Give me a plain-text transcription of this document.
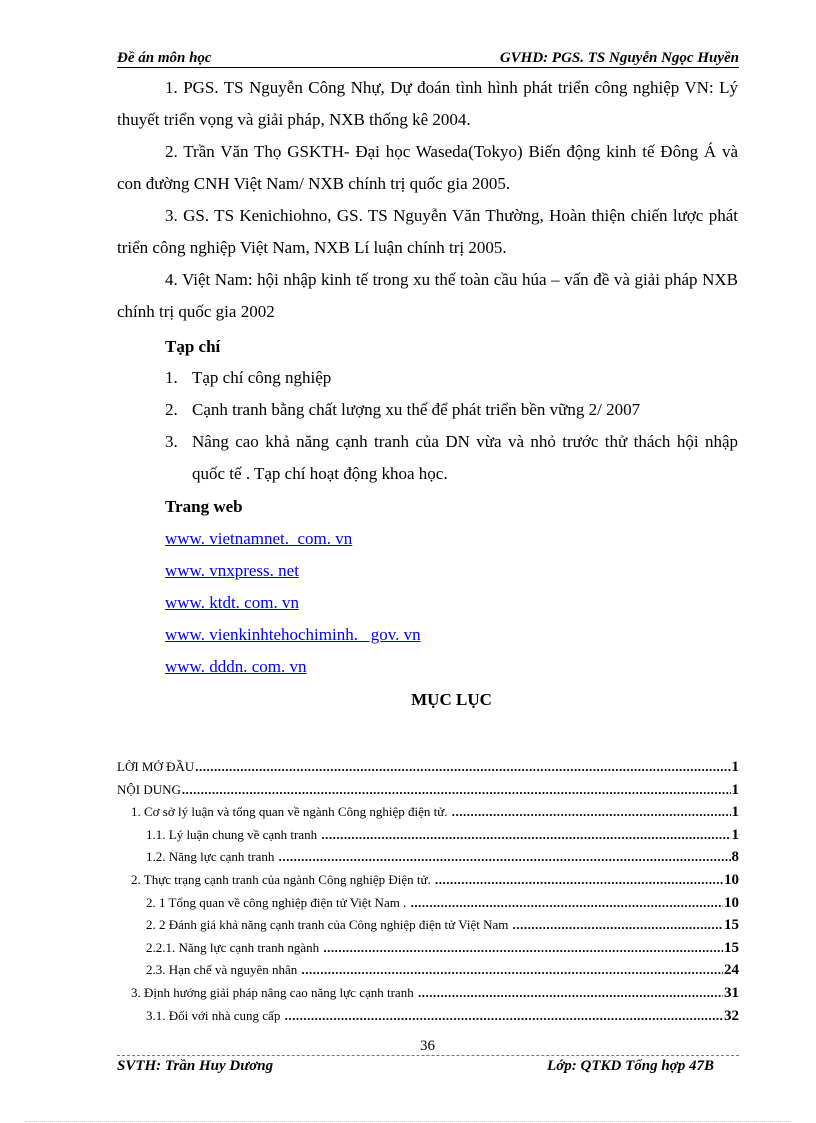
Đề án môn học	GVHD: PGS. TS Nguyễn Ngọc Huyền
1. PGS. TS Nguyễn Công Nhự, Dự đoán tình hình phát triển công nghiệp VN: Lý thuyết triển vọng và giải pháp, NXB thống kê 2004.
2. Trần Văn Thọ GSKTH- Đại học Waseda(Tokyo) Biến động kinh tế Đông Á và con đường CNH Việt Nam/ NXB chính trị quốc gia 2005.
3. GS. TS Kenichiohno, GS. TS Nguyễn Văn Thường, Hoàn thiện chiến lược phát triển công nghiệp Việt Nam, NXB Lí luận chính trị 2005.
4. Việt Nam: hội nhập kinh tế trong xu thế toàn cầu húa – vấn đề và giải pháp NXB chính trị quốc gia 2002
Tạp chí
1. Tạp chí công nghiệp
2. Cạnh tranh bằng chất lượng xu thế để phát triển bền vững 2/ 2007
3. Nâng cao khả năng cạnh tranh của DN vừa và nhỏ trước thử thách hội nhập quốc tế . Tạp chí hoạt động khoa học.
Trang web
www. vietnamnet.  com. vn
www. vnxpress. net
www. ktdt. com. vn
www. vienkinhtehochiminh.   gov. vn
www. dddn. com. vn
MỤC LỤC
LỜI MỞ ĐẦU .....	1
NỘI DUNG .....	1
1. Cơ sở lý luận và tổng quan về ngành Công nghiệp điện tử. .....	1
1.1. Lý luận chung về cạnh tranh .....	1
1.2. Năng lực cạnh tranh .....	8
2. Thực trạng cạnh tranh của ngành Công nghiệp Điện tử. .....	10
2. 1 Tổng quan về công nghiệp điện tử Việt Nam . .....	10
2. 2 Đánh giá khả năng cạnh tranh của Công nghiệp điện tử Việt Nam .....	15
2.2.1. Năng lực cạnh tranh ngành .....	15
2.3. Hạn chế và nguyên nhân .....	24
3. Định hướng giải pháp nâng cao năng lực cạnh tranh .....	31
3.1. Đối với nhà cung cấp .....	32
36
SVTH: Trần Huy Dương	Lớp: QTKD Tổng hợp 47B
